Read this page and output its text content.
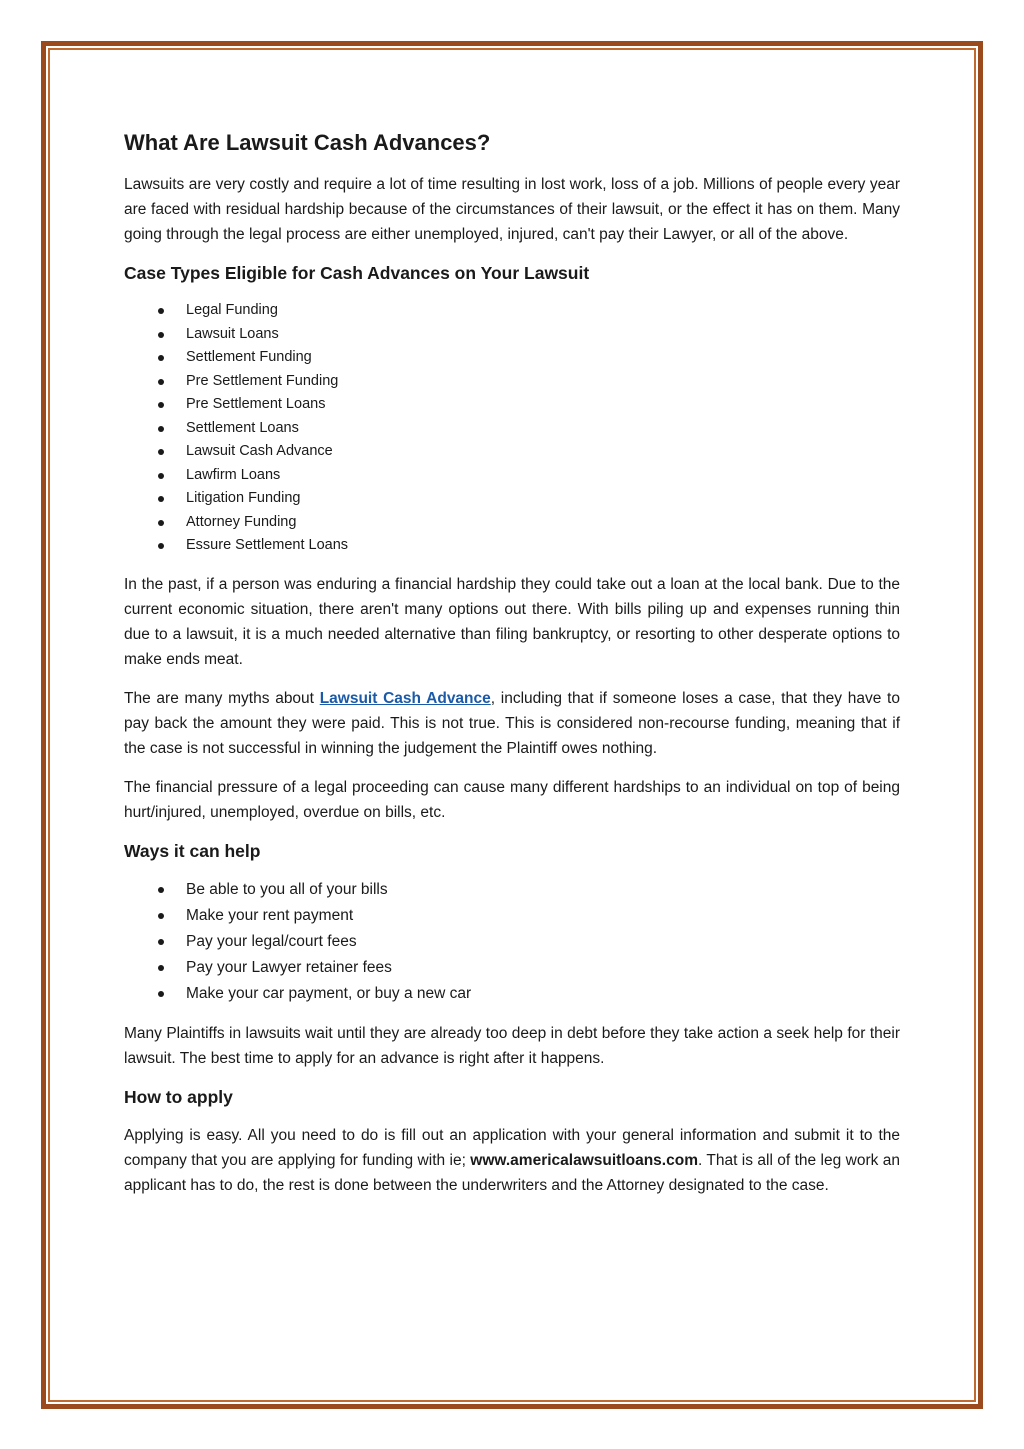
What Are Lawsuit Cash Advances?

Lawsuits are very costly and require a lot of time resulting in lost work, loss of a job. Millions of people every year are faced with residual hardship because of the circumstances of their lawsuit, or the effect it has on them. Many going through the legal process are either unemployed, injured, can't pay their Lawyer, or all of the above.

Case Types Eligible for Cash Advances on Your Lawsuit
Legal Funding
Lawsuit Loans
Settlement Funding
Pre Settlement Funding
Pre Settlement Loans
Settlement Loans
Lawsuit Cash Advance
Lawfirm Loans
Litigation Funding
Attorney Funding
Essure Settlement Loans

In the past, if a person was enduring a financial hardship they could take out a loan at the local bank. Due to the current economic situation, there aren't many options out there. With bills piling up and expenses running thin due to a lawsuit, it is a much needed alternative than filing bankruptcy, or resorting to other desperate options to make ends meat.

The are many myths about Lawsuit Cash Advance, including that if someone loses a case, that they have to pay back the amount they were paid. This is not true. This is considered non-recourse funding, meaning that if the case is not successful in winning the judgement the Plaintiff owes nothing.

The financial pressure of a legal proceeding can cause many different hardships to an individual on top of being hurt/injured, unemployed, overdue on bills, etc.

Ways it can help
Be able to you all of your bills
Make your rent payment
Pay your legal/court fees
Pay your Lawyer retainer fees
Make your car payment, or buy a new car

Many Plaintiffs in lawsuits wait until they are already too deep in debt before they take action a seek help for their lawsuit. The best time to apply for an advance is right after it happens.

How to apply

Applying is easy. All you need to do is fill out an application with your general information and submit it to the company that you are applying for funding with ie; www.americalawsuitloans.com. That is all of the leg work an applicant has to do, the rest is done between the underwriters and the Attorney designated to the case.
